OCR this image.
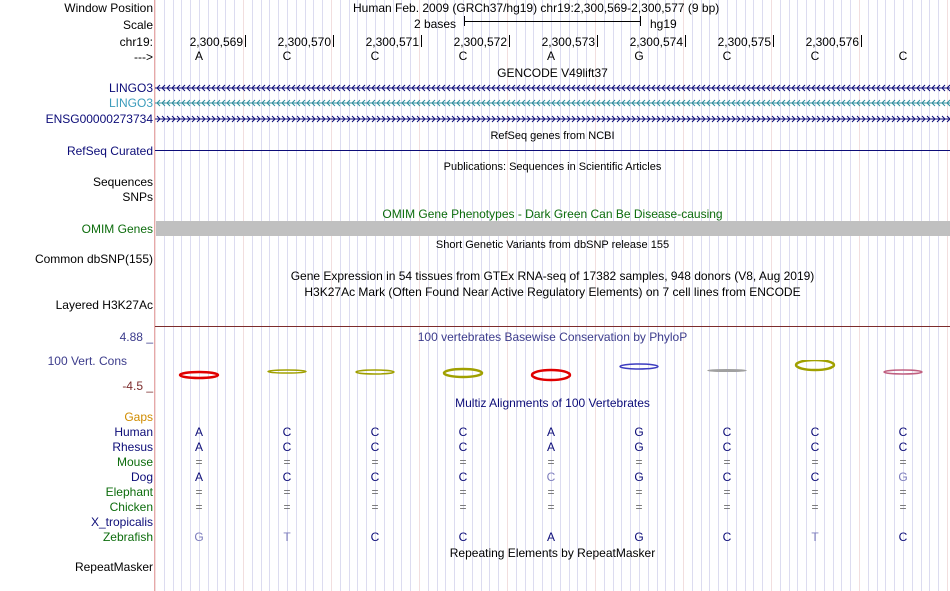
Window Position	Human Feb. 2009 (GRCh37/hg19) chr19:2,300,569-2,300,577 (9 bp)
Scale	2 bases	hg19
chr19:	2,300,569	2,300,570	2,300,571	2,300,572	2,300,573	2,300,574	2,300,575	2,300,576
--->	A	C	C	C	A	G	C	C	C
GENCODE V49lift37
LINGO3
LINGO3
ENSG00000273734
RefSeq genes from NCBI
RefSeq Curated
Publications: Sequences in Scientific Articles
Sequences
SNPs
OMIM Gene Phenotypes - Dark Green Can Be Disease-causing
OMIM Genes
Short Genetic Variants from dbSNP release 155
Common dbSNP(155)
Gene Expression in 54 tissues from GTEx RNA-seq of 17382 samples, 948 donors (V8, Aug 2019)
H3K27Ac Mark (Often Found Near Active Regulatory Elements) on 7 cell lines from ENCODE
Layered H3K27Ac
4.88 _	100 vertebrates Basewise Conservation by PhyloP
100 Vert. Cons
-4.5 _
Multiz Alignments of 100 Vertebrates
Gaps
Human	A	C	C	C	A	G	C	C	C
Rhesus	A	C	C	C	A	G	C	C	C
Mouse	=	=	=	=	=	=	=	=	=
Dog	A	C	C	C	C	G	C	C	G
Elephant	=	=	=	=	=	=	=	=	=
Chicken	=	=	=	=	=	=	=	=	=
X_tropicalis
Zebrafish	G	T	C	C	A	G	C	T	C
Repeating Elements by RepeatMasker
RepeatMasker
